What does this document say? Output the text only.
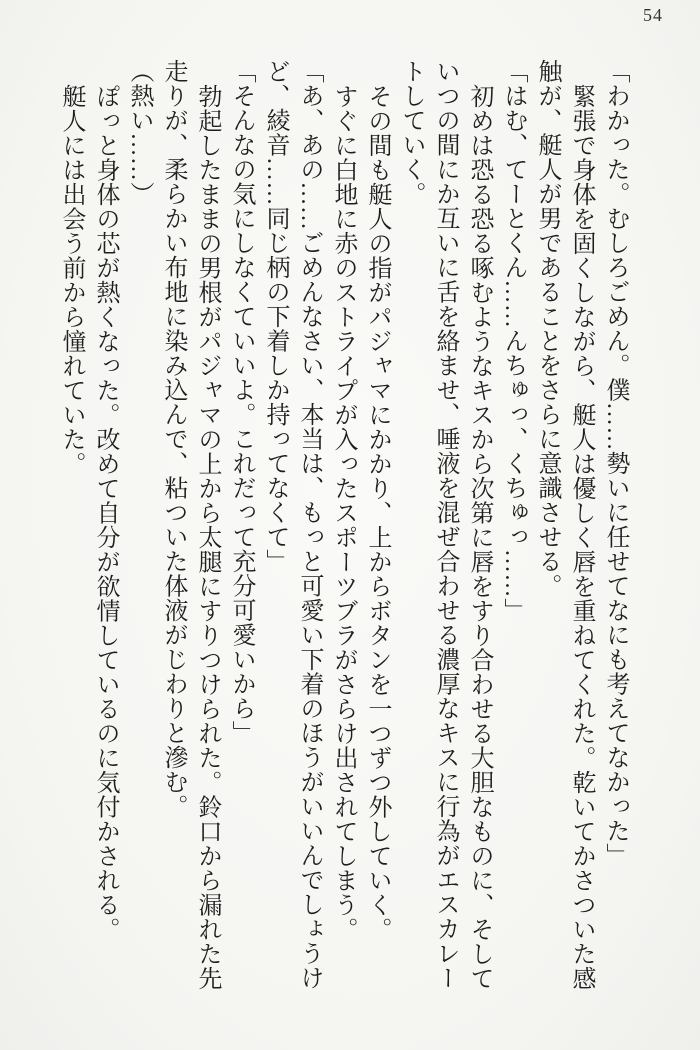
54

「わかった。むしろごめん。僕……勢いに任せてなにも考えてなかった」

緊張で身体を固くしながら、艇人は優しく唇を重ねてくれた。乾いてかさついた感

触が、艇人が男であることをさらに意識させる。

「はむ、てーとくん……んちゅっ、くちゅっ……」

初めは恐る恐る啄むようなキスから次第に唇をすり合わせる大胆なものに、そして

いつの間にか互いに舌を絡ませ、唾液を混ぜ合わせる濃厚なキスに行為がエスカレー

トしていく。

その間も艇人の指がパジャマにかかり、上からボタンを一つずつ外していく。

すぐに白地に赤のストライプが入ったスポーツブラがさらけ出されてしまう。

「あ、あの……ごめんなさい、本当は、もっと可愛い下着のほうがいいんでしょうけ

ど、綾音……同じ柄の下着しか持ってなくて」

「そんなの気にしなくていいよ。これだって充分可愛いから」

勃起したままの男根がパジャマの上から太腿にすりつけられた。鈴口から漏れた先

走りが、柔らかい布地に染み込んで、粘ついた体液がじわりと滲む。

（熱い……）

ぽっと身体の芯が熱くなった。改めて自分が欲情しているのに気付かされる。

艇人には出会う前から憧れていた。
